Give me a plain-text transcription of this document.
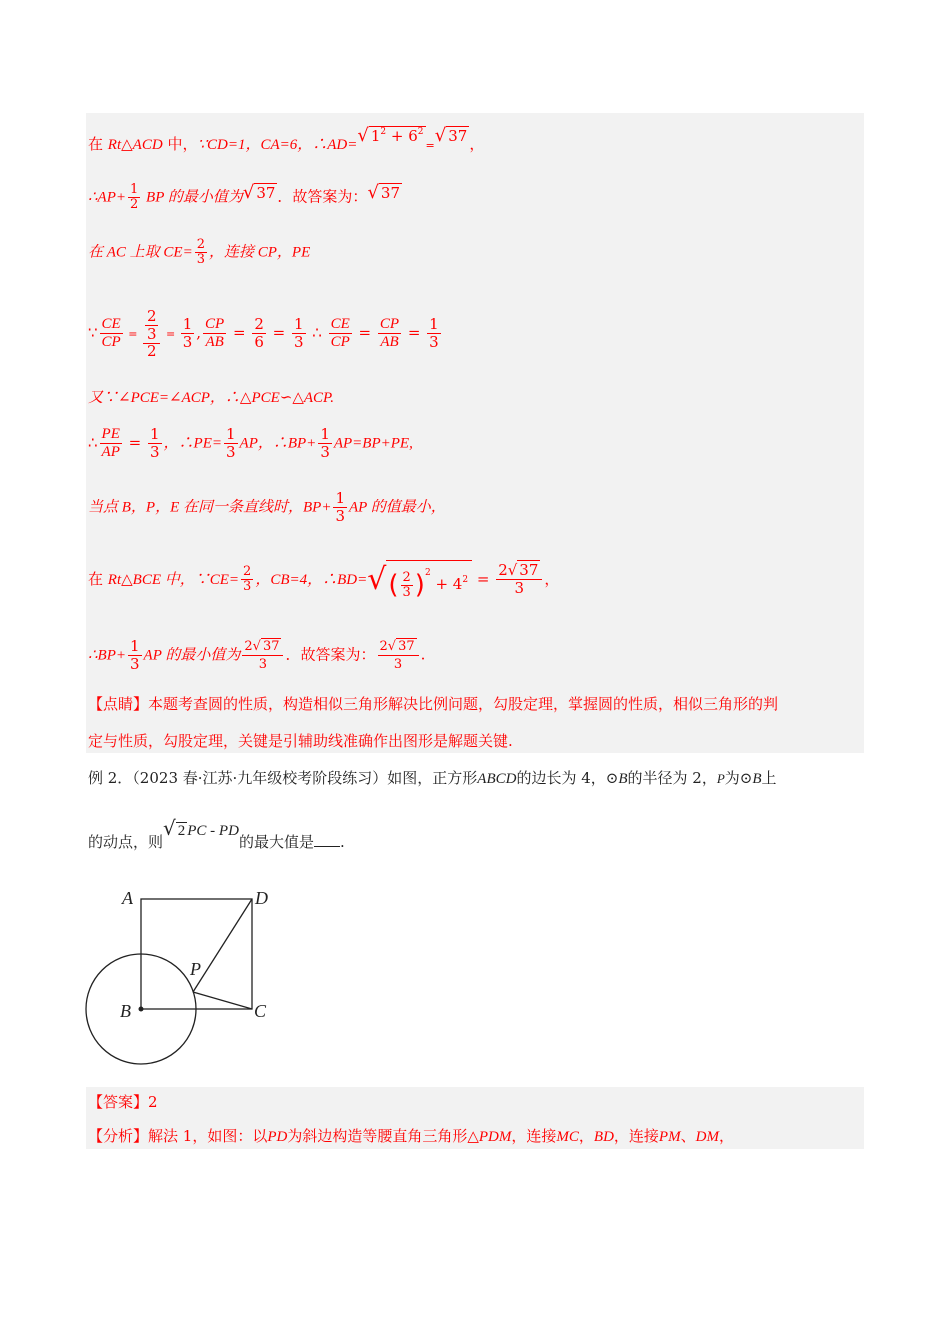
在 Rt△ACD 中，∵CD=1，CA=6，∴AD=√ $1^2 + 6^2=√$ 37 ，
∴AP+ $\frac{1}{2}$ BP 的最小值为√ 37 ．故答案为：√ 37
在 AC 上取 $CE= \frac{2}{3}$ ，连接 CP，PE
∵ $\frac{CE}{CP} = \frac{\frac{2}{3}}{2} = \frac{1}{3}$ , $\frac{CP}{AB} = \frac{2}{6} = \frac{1}{3}$ ∴ $\frac{CE}{CP} = \frac{CP}{AB} = \frac{1}{3}$
又∵∠PCE=∠ACP，∴△PCE∽△ACP.
∴ $\frac{PE}{AP} = \frac{1}{3}$ ，∴PE= $\frac{1}{3}$ AP，∴BP+ $\frac{1}{3} AP=BP+PE$,
当点 B，P，E 在同一条直线时，$BP+ \frac{1}{3}$ AP 的值最小，
在 Rt△BCE 中，∵CE= $\frac{2}{3}$ ，CB=4，∴BD=√( $\frac{2}{3} )^2 + 4^2 = \frac{2√ 37}{3}$ ，
∴BP+ $\frac{1}{3}$ AP 的最小值为 $\frac{2√ 37}{3}$ ．故答案为： $\frac{2√ 37}{3}$ .
【点睛】本题考查圆的性质，构造相似三角形解决比例问题，勾股定理，掌握圆的性质，相似三角形的判
定与性质，勾股定理，关键是引辅助线准确作出图形是解题关键.
例 2．（2023 春·江苏·九年级校考阶段练习）如图，正方形ABCD的边长为 4，⊙B的半径为 2，P为⊙B上
的动点，则√ 2 PC - PD的最大值是 .
A	D
P
B	C
【答案】2
【分析】解法 1，如图：以PD为斜边构造等腰直角三角形△PDM，连接MC，BD，连接PM、DM，
